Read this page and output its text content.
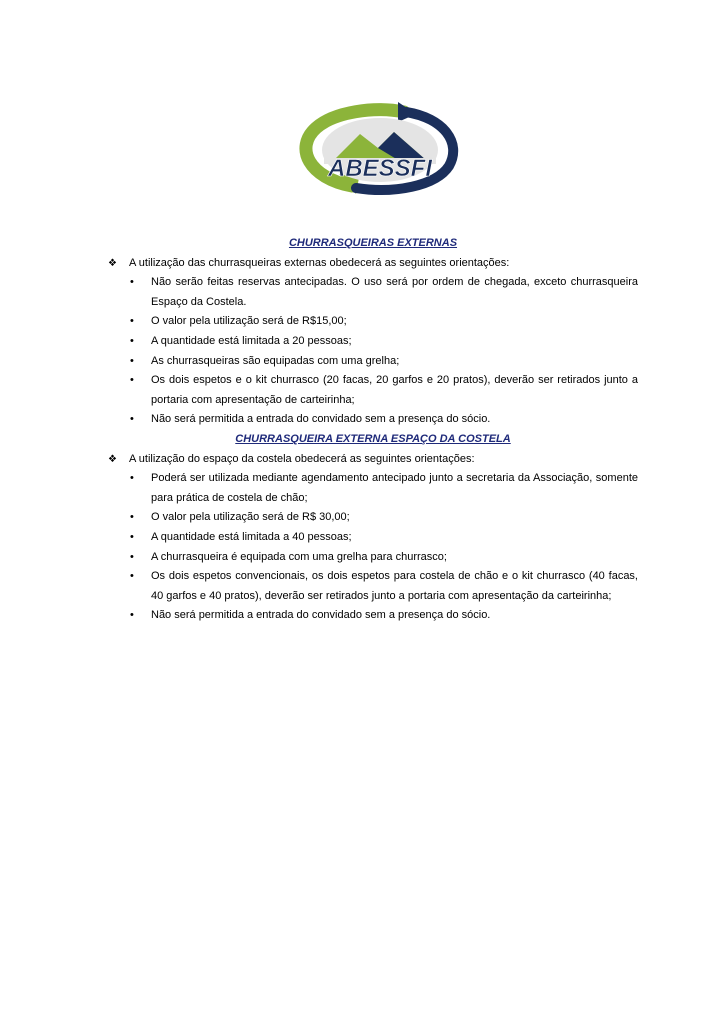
ABESSFI
CHURRASQUEIRAS EXTERNAS
❖ A utilização das churrasqueiras externas obedecerá as seguintes orientações:
• Não serão feitas reservas antecipadas. O uso será por ordem de chegada, exceto churrasqueira Espaço da Costela.
• O valor pela utilização será de R$15,00;
• A quantidade está limitada a 20 pessoas;
• As churrasqueiras são equipadas com uma grelha;
• Os dois espetos e o kit churrasco (20 facas, 20 garfos e 20 pratos), deverão ser retirados junto a portaria com apresentação de carteirinha;
• Não será permitida a entrada do convidado sem a presença do sócio.
CHURRASQUEIRA EXTERNA ESPAÇO DA COSTELA
❖ A utilização do espaço da costela obedecerá as seguintes orientações:
• Poderá ser utilizada mediante agendamento antecipado junto a secretaria da Associação, somente para prática de costela de chão;
• O valor pela utilização será de R$ 30,00;
• A quantidade está limitada a 40 pessoas;
• A churrasqueira é equipada com uma grelha para churrasco;
• Os dois espetos convencionais, os dois espetos para costela de chão e o kit churrasco (40 facas, 40 garfos e 40 pratos), deverão ser retirados junto a portaria com apresentação da carteirinha;
• Não será permitida a entrada do convidado sem a presença do sócio.
